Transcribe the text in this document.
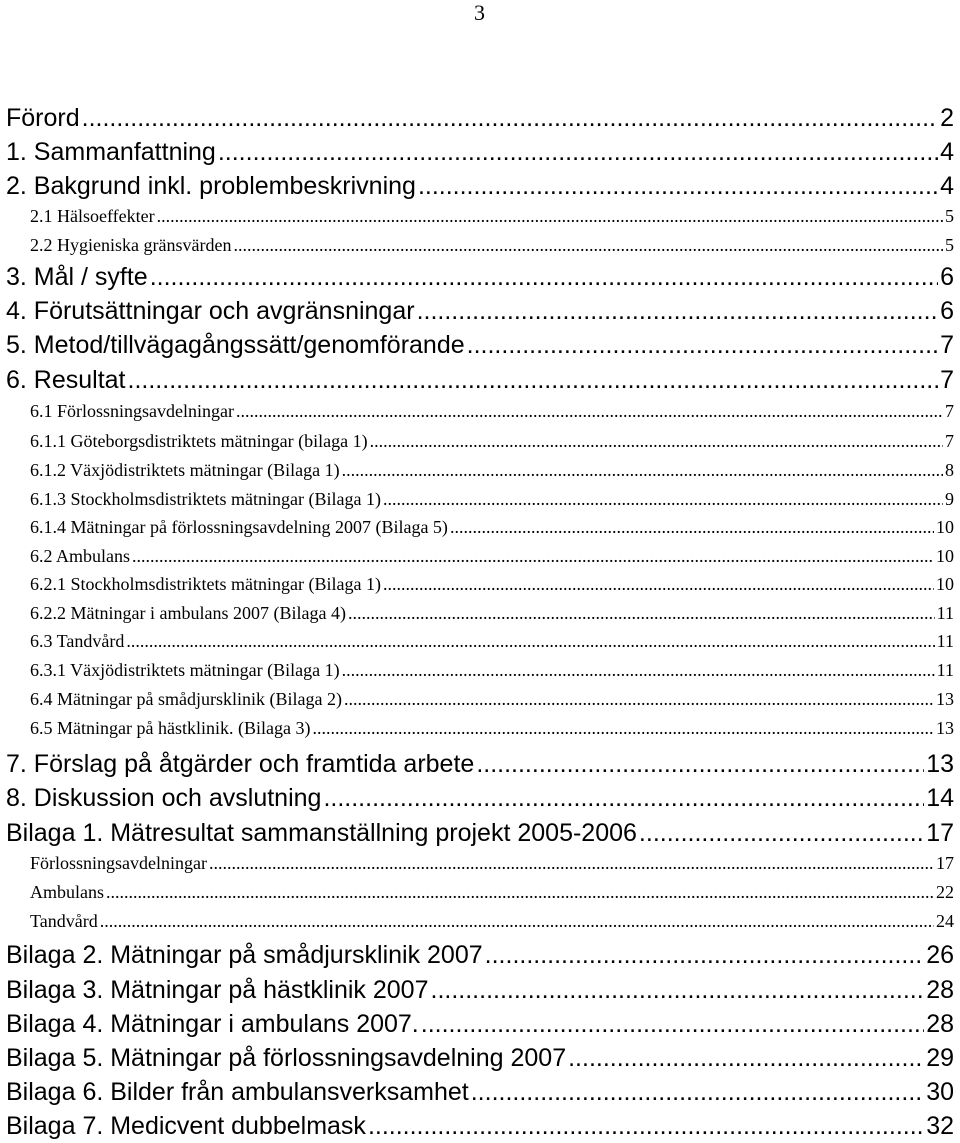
3
Förord .....	2
1. Sammanfattning .....	4
2. Bakgrund inkl. problembeskrivning .....	4
2.1 Hälsoeffekter .....	5
2.2 Hygieniska gränsvärden .....	5
3. Mål / syfte .....	6
4. Förutsättningar och avgränsningar .....	6
5. Metod/tillvägagångssätt/genomförande .....	7
6. Resultat .....	7
6.1 Förlossningsavdelningar .....	7
6.1.1 Göteborgsdistriktets mätningar (bilaga 1) .....	7
6.1.2 Växjödistriktets mätningar (Bilaga 1) .....	8
6.1.3 Stockholmsdistriktets mätningar (Bilaga 1) .....	9
6.1.4 Mätningar på förlossningsavdelning 2007 (Bilaga 5) .....	10
6.2 Ambulans .....	10
6.2.1 Stockholmsdistriktets mätningar (Bilaga 1) .....	10
6.2.2 Mätningar i ambulans 2007 (Bilaga 4) .....	11
6.3 Tandvård .....	11
6.3.1 Växjödistriktets mätningar (Bilaga 1) .....	11
6.4 Mätningar på smådjursklinik (Bilaga 2) .....	13
6.5 Mätningar på hästklinik. (Bilaga 3) .....	13
7. Förslag på åtgärder och framtida arbete .....	13
8. Diskussion och avslutning .....	14
Bilaga 1. Mätresultat sammanställning projekt 2005-2006 .....	17
Förlossningsavdelningar .....	17
Ambulans .....	22
Tandvård .....	24
Bilaga 2. Mätningar på smådjursklinik 2007 .....	26
Bilaga 3. Mätningar på hästklinik 2007 .....	28
Bilaga 4. Mätningar i ambulans 2007. .....	28
Bilaga 5. Mätningar på förlossningsavdelning 2007 .....	29
Bilaga 6. Bilder från ambulansverksamhet .....	30
Bilaga 7. Medicvent dubbelmask .....	32
